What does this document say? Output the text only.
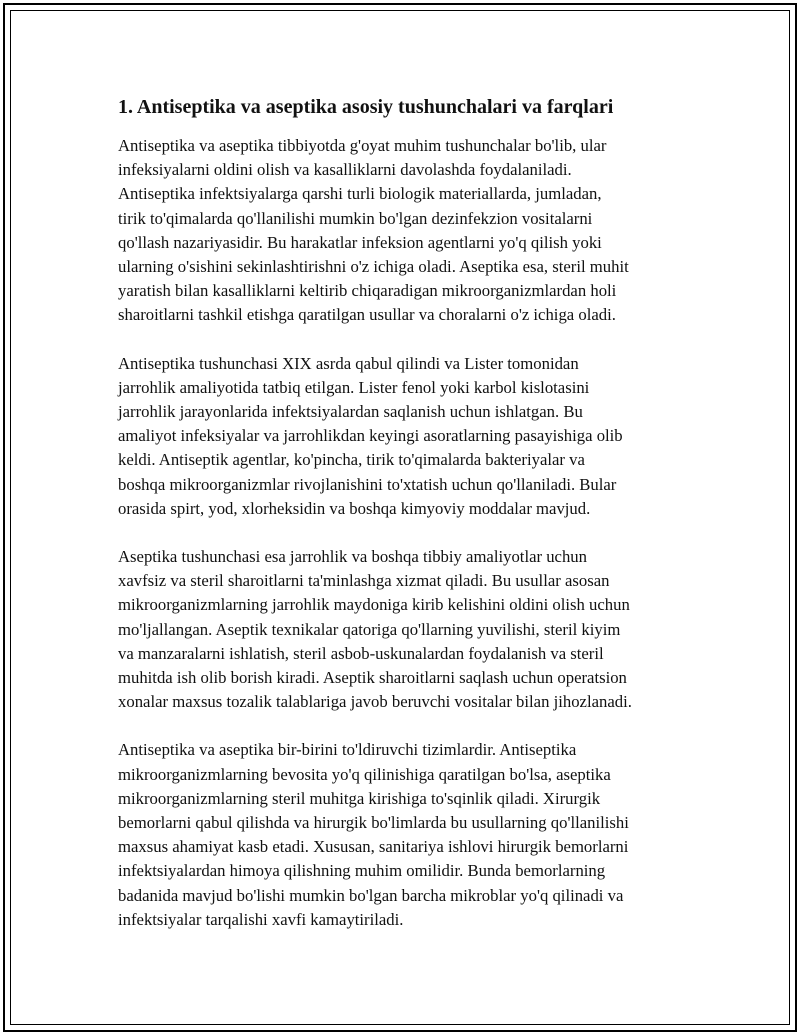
1. Antiseptika va aseptika asosiy tushunchalari va farqlari

Antiseptika va aseptika tibbiyotda g'oyat muhim tushunchalar bo'lib, ular
infeksiyalarni oldini olish va kasalliklarni davolashda foydalaniladi.
Antiseptika infektsiyalarga qarshi turli biologik materiallarda, jumladan,
tirik to'qimalarda qo'llanilishi mumkin bo'lgan dezinfekzion vositalarni
qo'llash nazariyasidir. Bu harakatlar infeksion agentlarni yo'q qilish yoki
ularning o'sishini sekinlashtirishni o'z ichiga oladi. Aseptika esa, steril muhit
yaratish bilan kasalliklarni keltirib chiqaradigan mikroorganizmlardan holi
sharoitlarni tashkil etishga qaratilgan usullar va choralarni o'z ichiga oladi.

Antiseptika tushunchasi XIX asrda qabul qilindi va Lister tomonidan
jarrohlik amaliyotida tatbiq etilgan. Lister fenol yoki karbol kislotasini
jarrohlik jarayonlarida infektsiyalardan saqlanish uchun ishlatgan. Bu
amaliyot infeksiyalar va jarrohlikdan keyingi asoratlarning pasayishiga olib
keldi. Antiseptik agentlar, ko'pincha, tirik to'qimalarda bakteriyalar va
boshqa mikroorganizmlar rivojlanishini to'xtatish uchun qo'llaniladi. Bular
orasida spirt, yod, xlorheksidin va boshqa kimyoviy moddalar mavjud.

Aseptika tushunchasi esa jarrohlik va boshqa tibbiy amaliyotlar uchun
xavfsiz va steril sharoitlarni ta'minlashga xizmat qiladi. Bu usullar asosan
mikroorganizmlarning jarrohlik maydoniga kirib kelishini oldini olish uchun
mo'ljallangan. Aseptik texnikalar qatoriga qo'llarning yuvilishi, steril kiyim
va manzaralarni ishlatish, steril asbob-uskunalardan foydalanish va steril
muhitda ish olib borish kiradi. Aseptik sharoitlarni saqlash uchun operatsion
xonalar maxsus tozalik talablariga javob beruvchi vositalar bilan jihozlanadi.

Antiseptika va aseptika bir-birini to'ldiruvchi tizimlardir. Antiseptika
mikroorganizmlarning bevosita yo'q qilinishiga qaratilgan bo'lsa, aseptika
mikroorganizmlarning steril muhitga kirishiga to'sqinlik qiladi. Xirurgik
bemorlarni qabul qilishda va hirurgik bo'limlarda bu usullarning qo'llanilishi
maxsus ahamiyat kasb etadi. Xususan, sanitariya ishlovi hirurgik bemorlarni
infektsiyalardan himoya qilishning muhim omilidir. Bunda bemorlarning
badanida mavjud bo'lishi mumkin bo'lgan barcha mikroblar yo'q qilinadi va
infektsiyalar tarqalishi xavfi kamaytiriladi.
